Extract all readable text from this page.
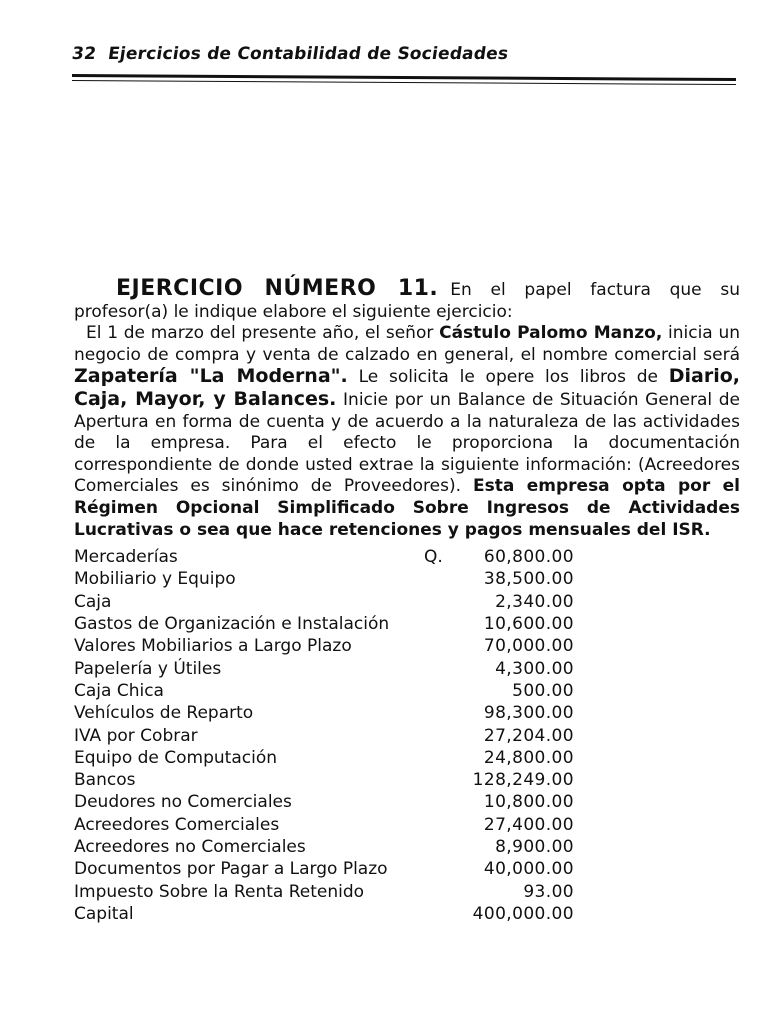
32 Ejercicios de Contabilidad de Sociedades

EJERCICIO NÚMERO 11. En el papel factura que su profesor(a) le indique elabore el siguiente ejercicio:

El 1 de marzo del presente año, el señor Cástulo Palomo Manzo, inicia un negocio de compra y venta de calzado en general, el nombre comercial será Zapatería "La Moderna". Le solicita le opere los libros de Diario, Caja, Mayor, y Balances. Inicie por un Balance de Situación General de Apertura en forma de cuenta y de acuerdo a la naturaleza de las actividades de la empresa. Para el efecto le proporciona la documentación correspondiente de donde usted extrae la siguiente información: (Acreedores Comerciales es sinónimo de Proveedores). Esta empresa opta por el Régimen Opcional Simplificado Sobre Ingresos de Actividades Lucrativas o sea que hace retenciones y pagos mensuales del ISR.

Mercaderías	Q.	60,800.00
Mobiliario y Equipo	38,500.00
Caja	2,340.00
Gastos de Organización e Instalación	10,600.00
Valores Mobiliarios a Largo Plazo	70,000.00
Papelería y Útiles	4,300.00
Caja Chica	500.00
Vehículos de Reparto	98,300.00
IVA por Cobrar	27,204.00
Equipo de Computación	24,800.00
Bancos	128,249.00
Deudores no Comerciales	10,800.00
Acreedores Comerciales	27,400.00
Acreedores no Comerciales	8,900.00
Documentos por Pagar a Largo Plazo	40,000.00
Impuesto Sobre la Renta Retenido	93.00
Capital	400,000.00
